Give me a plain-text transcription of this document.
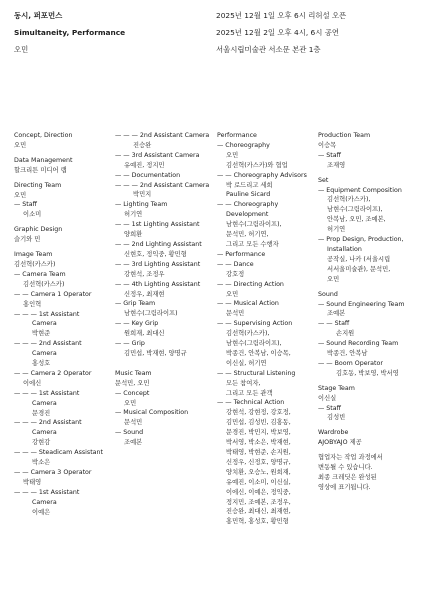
동시, 퍼포먼스
Simultaneity, Performance
오민
2025년 12월 1일 오후 6시 리허설 오픈
2025년 12월 2일 오후 4시, 6시 공연
서울시립미술관 서소문 본관 1층
Concept, Direction
오민
Data Management
할크리튼 미디어 랩
Directing Team
오민
— Staff
이소미
Graphic Design
슬기와 민
Image Team
김선혁(카스카)
— Camera Team
김선혁(카스카)
— — Camera 1 Operator
홍인혁
— — — 1st Assistant
Camera
박현준
— — — 2nd Assistant
Camera
홍성호
— — Camera 2 Operator
이에신
— — — 1st Assistant
Camera
문경진
— — — 2nd Assistant
Camera
강현감
— — — Steadicam Assistant
박소은
— — Camera 3 Operator
박태영
— — — 1st Assistant
Camera
이예은
— — — 2nd Assistant Camera
진승완
— — 3rd Assistant Camera
유예진, 정지민
— — Documentation
— — — 2nd Assistant Camera
박민지
— Lighting Team
허기연
— — 1st Lighting Assistant
양희환
— — 2nd Lighting Assistant
신현호, 정익중, 황민형
— — 3rd Lighting Assistant
강현석, 조정우
— — 4th Lighting Assistant
신정우, 최재현
— Grip Team
남현수(그림라이프)
— — Key Grip
원희재, 최대신
— — Grip
김민섭, 박재현, 양명규
Music Team
문석민, 오민
— Concept
오민
— Musical Composition
문석민
— Sound
조예본
Performance
— Choreography
오민
김선혁(카스카)와 협업
— — Choreography Advisors
박 로드리고 세희
Pauline Sicard
— — Choreography
Development
남현수(그림라이프),
문석민, 허기연,
그리고 모든 수행자
— Performance
— — Dance
강호정
— — Directing Action
오민
— — Musical Action
문석민
— — Supervising Action
김선혁(카스카),
남현수(그림라이프),
박종건, 안복남, 이승목,
이신실, 허기연
— — Structural Listening
모든 참여자,
그리고 모든 관객
— — Technical Action
강현석, 강현정, 강호정,
김민섭, 김성빈, 김홍동,
문경진, 박민지, 박보영,
박서영, 박소은, 박재현,
박태영, 박현준, 손지원,
신정우, 신정호, 양명규,
양치환, 오승노, 원희재,
유예진, 이소미, 이신실,
이에신, 이예은, 정익중,
정지민, 조예본, 조정우,
진승완, 최대신, 최재현,
홍민혁, 홍성호, 황민형
Production Team
이승목
— Staff
조재영
Set
— Equipment Composition
김선혁(카스카),
남현수(그림라이프),
안복남, 오민, 조예본,
허기연
— Prop Design, Production,
Installation
공작실, 나카 (서울시립
서서울미술관), 문석민,
오민
Sound
— Sound Engineering Team
조예본
— — Staff
손지원
— Sound Recording Team
박종건, 안복남
— — Boom Operator
김호동, 박보영, 박서영
Stage Team
이신실
— Staff
김성빈
Wardrobe
AJOBYAJO 제공
협업자는 작업 과정에서
변동될 수 있습니다.
최종 크레딧은 완성된
영상에 표기됩니다.
